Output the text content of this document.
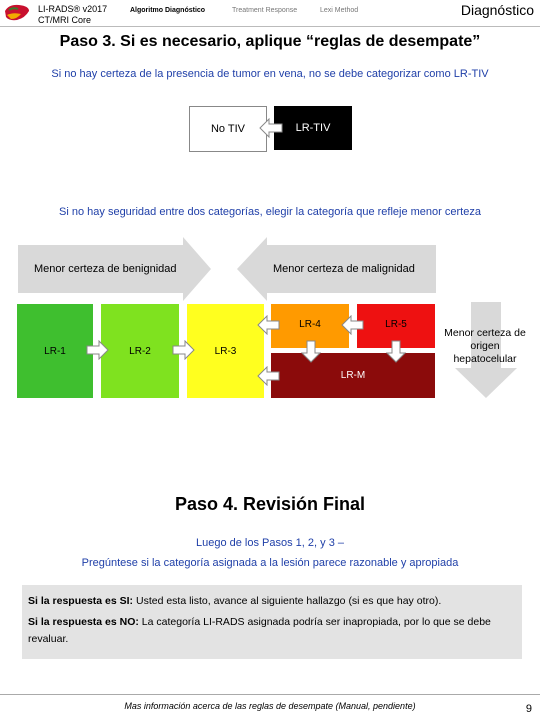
LI-RADS® v2017
CT/MRI Core
Algoritmo Diagnóstico	Treatment Response	Lexi Method	Diagnóstico
Paso 3. Si es necesario, aplique “reglas de desempate”
Si no hay certeza de la presencia de tumor en vena, no se debe categorizar como LR-TIV
No TIV	LR-TIV
Si no hay seguridad entre dos categorías, elegir la categoría que refleje menor certeza
Menor certeza de benignidad	Menor certeza de malignidad
LR-1	LR-2	LR-3
LR-4	LR-5
LR-M
Menor certeza de origen hepatocelular
Paso 4. Revisión Final
Luego de los Pasos 1, 2, y 3 –
Pregúntese si la categoría asignada a la lesión parece razonable y apropiada
Si la respuesta es SI: Usted esta listo, avance al siguiente hallazgo (si es que hay otro).
Si la respuesta es NO: La categoría LI-RADS asignada podría ser inapropiada, por lo que se debe revaluar.
Mas información acerca de las reglas de desempate (Manual, pendiente)	9
